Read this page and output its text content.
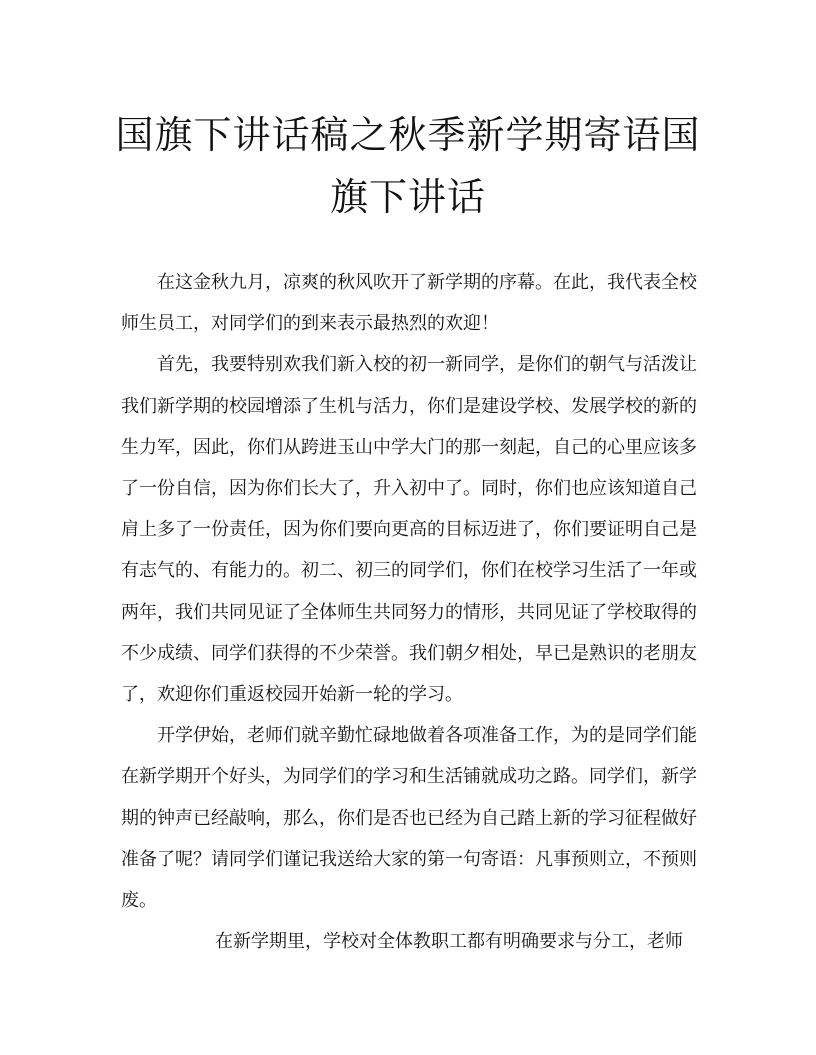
国旗下讲话稿之秋季新学期寄语国旗下讲话

在这金秋九月，凉爽的秋风吹开了新学期的序幕。在此，我代表全校师生员工，对同学们的到来表示最热烈的欢迎！

首先，我要特别欢我们新入校的初一新同学，是你们的朝气与活泼让我们新学期的校园增添了生机与活力，你们是建设学校、发展学校的新的生力军，因此，你们从跨进玉山中学大门的那一刻起，自己的心里应该多了一份自信，因为你们长大了，升入初中了。同时，你们也应该知道自己肩上多了一份责任，因为你们要向更高的目标迈进了，你们要证明自己是有志气的、有能力的。初二、初三的同学们，你们在校学习生活了一年或两年，我们共同见证了全体师生共同努力的情形，共同见证了学校取得的不少成绩、同学们获得的不少荣誉。我们朝夕相处，早已是熟识的老朋友了，欢迎你们重返校园开始新一轮的学习。

开学伊始，老师们就辛勤忙碌地做着各项准备工作，为的是同学们能在新学期开个好头，为同学们的学习和生活铺就成功之路。同学们，新学期的钟声已经敲响，那么，你们是否也已经为自己踏上新的学习征程做好准备了呢？请同学们谨记我送给大家的第一句寄语：凡事预则立，不预则废。

在新学期里，学校对全体教职工都有明确要求与分工，老师
